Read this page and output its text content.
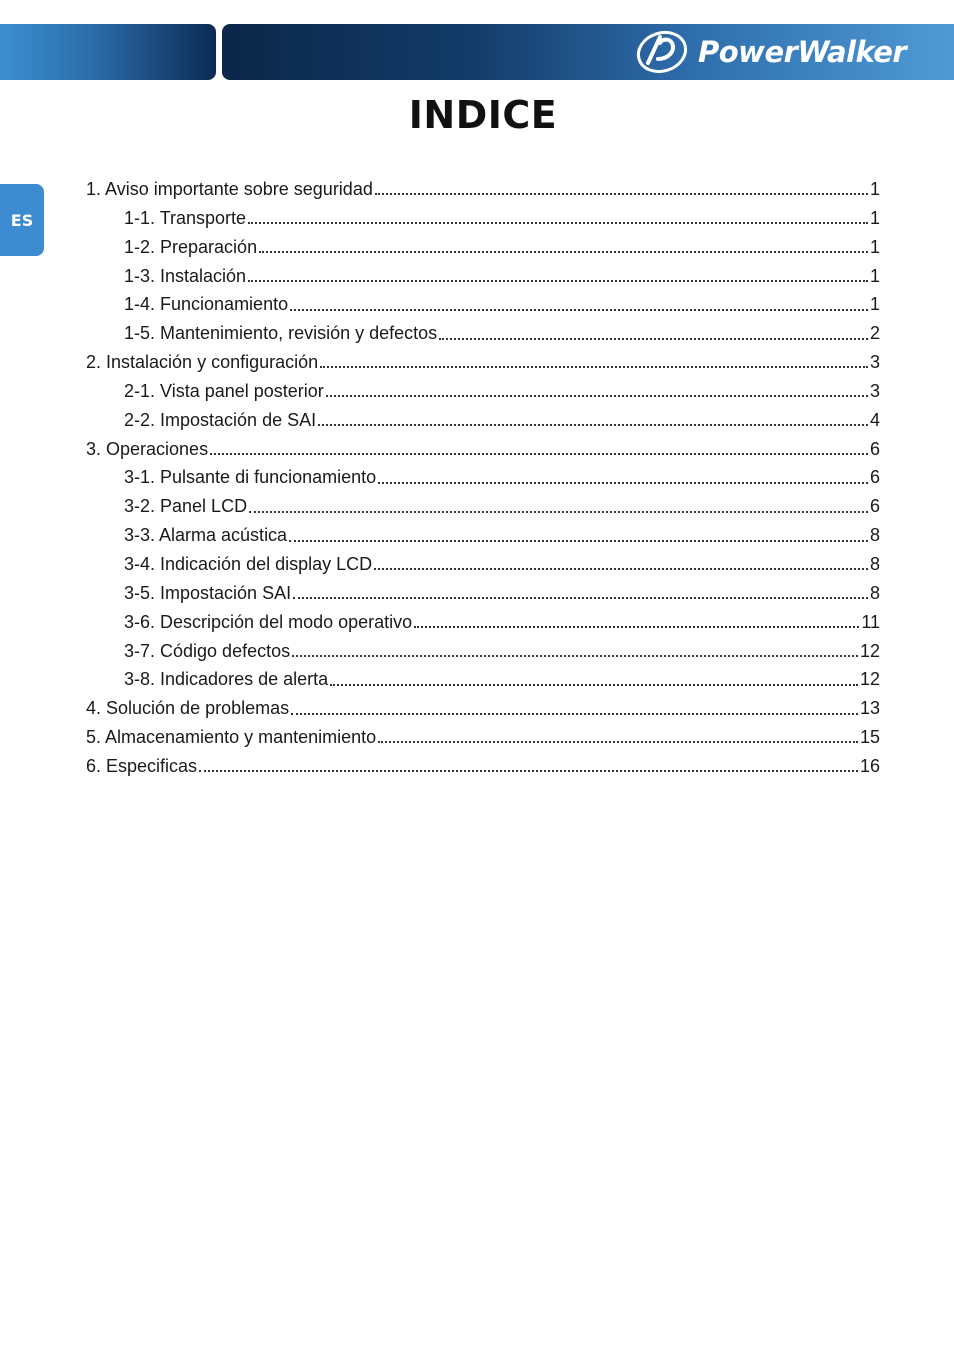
PowerWalker
INDICE
ES
1. Aviso importante sobre seguridad	1
1-1. Transporte	1
1-2. Preparación	1
1-3. Instalación	1
1-4. Funcionamiento	1
1-5. Mantenimiento, revisión y defectos	2
2. Instalación y configuración	3
2-1. Vista panel posterior	3
2-2. Impostación de SAI	4
3. Operaciones	6
3-1. Pulsante di funcionamiento	6
3-2. Panel LCD	6
3-3. Alarma acústica	8
3-4. Indicación del display LCD	8
3-5. Impostación SAI	8
3-6. Descripción del modo operativo	11
3-7. Código defectos	12
3-8. Indicadores de alerta	12
4. Solución de problemas	13
5. Almacenamiento y mantenimiento	15
6. Especificas	16
